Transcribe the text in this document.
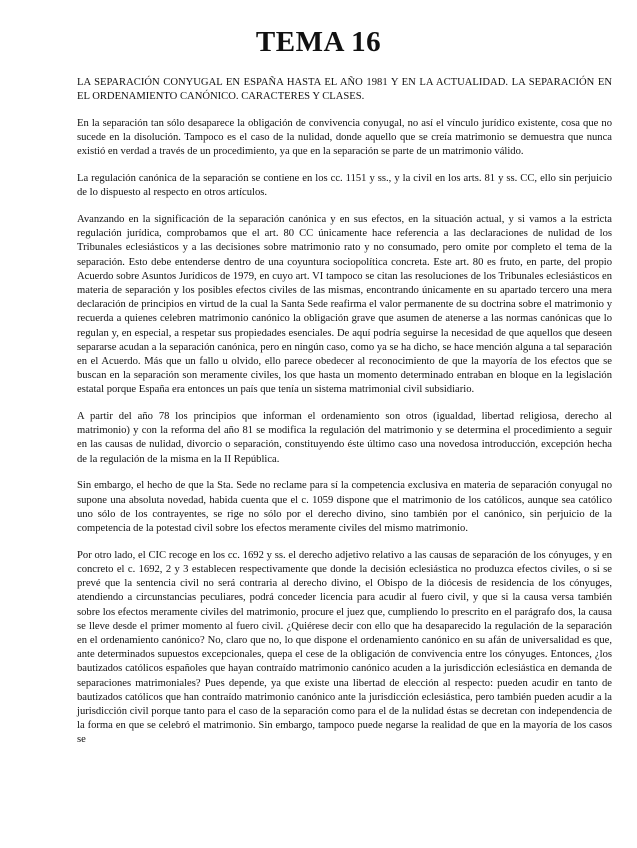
TEMA 16

LA SEPARACIÓN CONYUGAL EN ESPAÑA HASTA EL AÑO 1981 Y EN LA ACTUALIDAD. LA SEPARACIÓN EN EL ORDENAMIENTO CANÓNICO. CARACTERES Y CLASES.

En la separación tan sólo desaparece la obligación de convivencia conyugal, no así el vínculo jurídico existente, cosa que no sucede en la disolución. Tampoco es el caso de la nulidad, donde aquello que se creía matrimonio se demuestra que nunca existió en verdad a través de un procedimiento, ya que en la separación se parte de un matrimonio válido.

La regulación canónica de la separación se contiene en los cc. 1151 y ss., y la civil en los arts. 81 y ss. CC, ello sin perjuicio de lo dispuesto al respecto en otros artículos.

Avanzando en la significación de la separación canónica y en sus efectos, en la situación actual, y si vamos a la estricta regulación jurídica, comprobamos que el art. 80 CC únicamente hace referencia a las declaraciones de nulidad de los Tribunales eclesiásticos y a las decisiones sobre matrimonio rato y no consumado, pero omite por completo el tema de la separación. Esto debe entenderse dentro de una coyuntura sociopolítica concreta. Este art. 80 es fruto, en parte, del propio Acuerdo sobre Asuntos Jurídicos de 1979, en cuyo art. VI tampoco se citan las resoluciones de los Tribunales eclesiásticos en materia de separación y los posibles efectos civiles de las mismas, encontrando únicamente en su apartado tercero una mera declaración de principios en virtud de la cual la Santa Sede reafirma el valor permanente de su doctrina sobre el matrimonio y recuerda a quienes celebren matrimonio canónico la obligación grave que asumen de atenerse a las normas canónicas que lo regulan y, en especial, a respetar sus propiedades esenciales. De aquí podría seguirse la necesidad de que aquellos que deseen separarse acudan a la separación canónica, pero en ningún caso, como ya se ha dicho, se hace mención alguna a tal separación en el Acuerdo. Más que un fallo u olvido, ello parece obedecer al reconocimiento de que la mayoría de los efectos que se buscan en la separación son meramente civiles, los que hasta un momento determinado entraban en bloque en la legislación estatal porque España era entonces un país que tenía un sistema matrimonial civil subsidiario.

A partir del año 78 los principios que informan el ordenamiento son otros (igualdad, libertad religiosa, derecho al matrimonio) y con la reforma del año 81 se modifica la regulación del matrimonio y se determina el procedimiento a seguir en las causas de nulidad, divorcio o separación, constituyendo éste último caso una novedosa introducción, excepción hecha de la regulación de la misma en la II República.

Sin embargo, el hecho de que la Sta. Sede no reclame para sí la competencia exclusiva en materia de separación conyugal no supone una absoluta novedad, habida cuenta que el c. 1059 dispone que el matrimonio de los católicos, aunque sea católico uno sólo de los contrayentes, se rige no sólo por el derecho divino, sino también por el canónico, sin perjuicio de la competencia de la potestad civil sobre los efectos meramente civiles del mismo matrimonio.

Por otro lado, el CIC recoge en los cc. 1692 y ss. el derecho adjetivo relativo a las causas de separación de los cónyuges, y en concreto el c. 1692, 2 y 3 establecen respectivamente que donde la decisión eclesiástica no produzca efectos civiles, o si se prevé que la sentencia civil no será contraria al derecho divino, el Obispo de la diócesis de residencia de los cónyuges, atendiendo a circunstancias peculiares, podrá conceder licencia para acudir al fuero civil, y que si la causa versa también sobre los efectos meramente civiles del matrimonio, procure el juez que, cumpliendo lo prescrito en el parágrafo dos, la causa se lleve desde el primer momento al fuero civil. ¿Quiérese decir con ello que ha desaparecido la regulación de la separación en el ordenamiento canónico? No, claro que no, lo que dispone el ordenamiento canónico en su afán de universalidad es que, ante determinados supuestos excepcionales, quepa el cese de la obligación de convivencia entre los cónyuges. Entonces, ¿los bautizados católicos españoles que hayan contraído matrimonio canónico acuden a la jurisdicción eclesiástica en demanda de separaciones matrimoniales? Pues depende, ya que existe una libertad de elección al respecto: pueden acudir en tanto de bautizados católicos que han contraído matrimonio canónico ante la jurisdicción eclesiástica, pero también pueden acudir a la jurisdicción civil porque tanto para el caso de la separación como para el de la nulidad éstas se decretan con independencia de la forma en que se celebró el matrimonio. Sin embargo, tampoco puede negarse la realidad de que en la mayoría de los casos se
